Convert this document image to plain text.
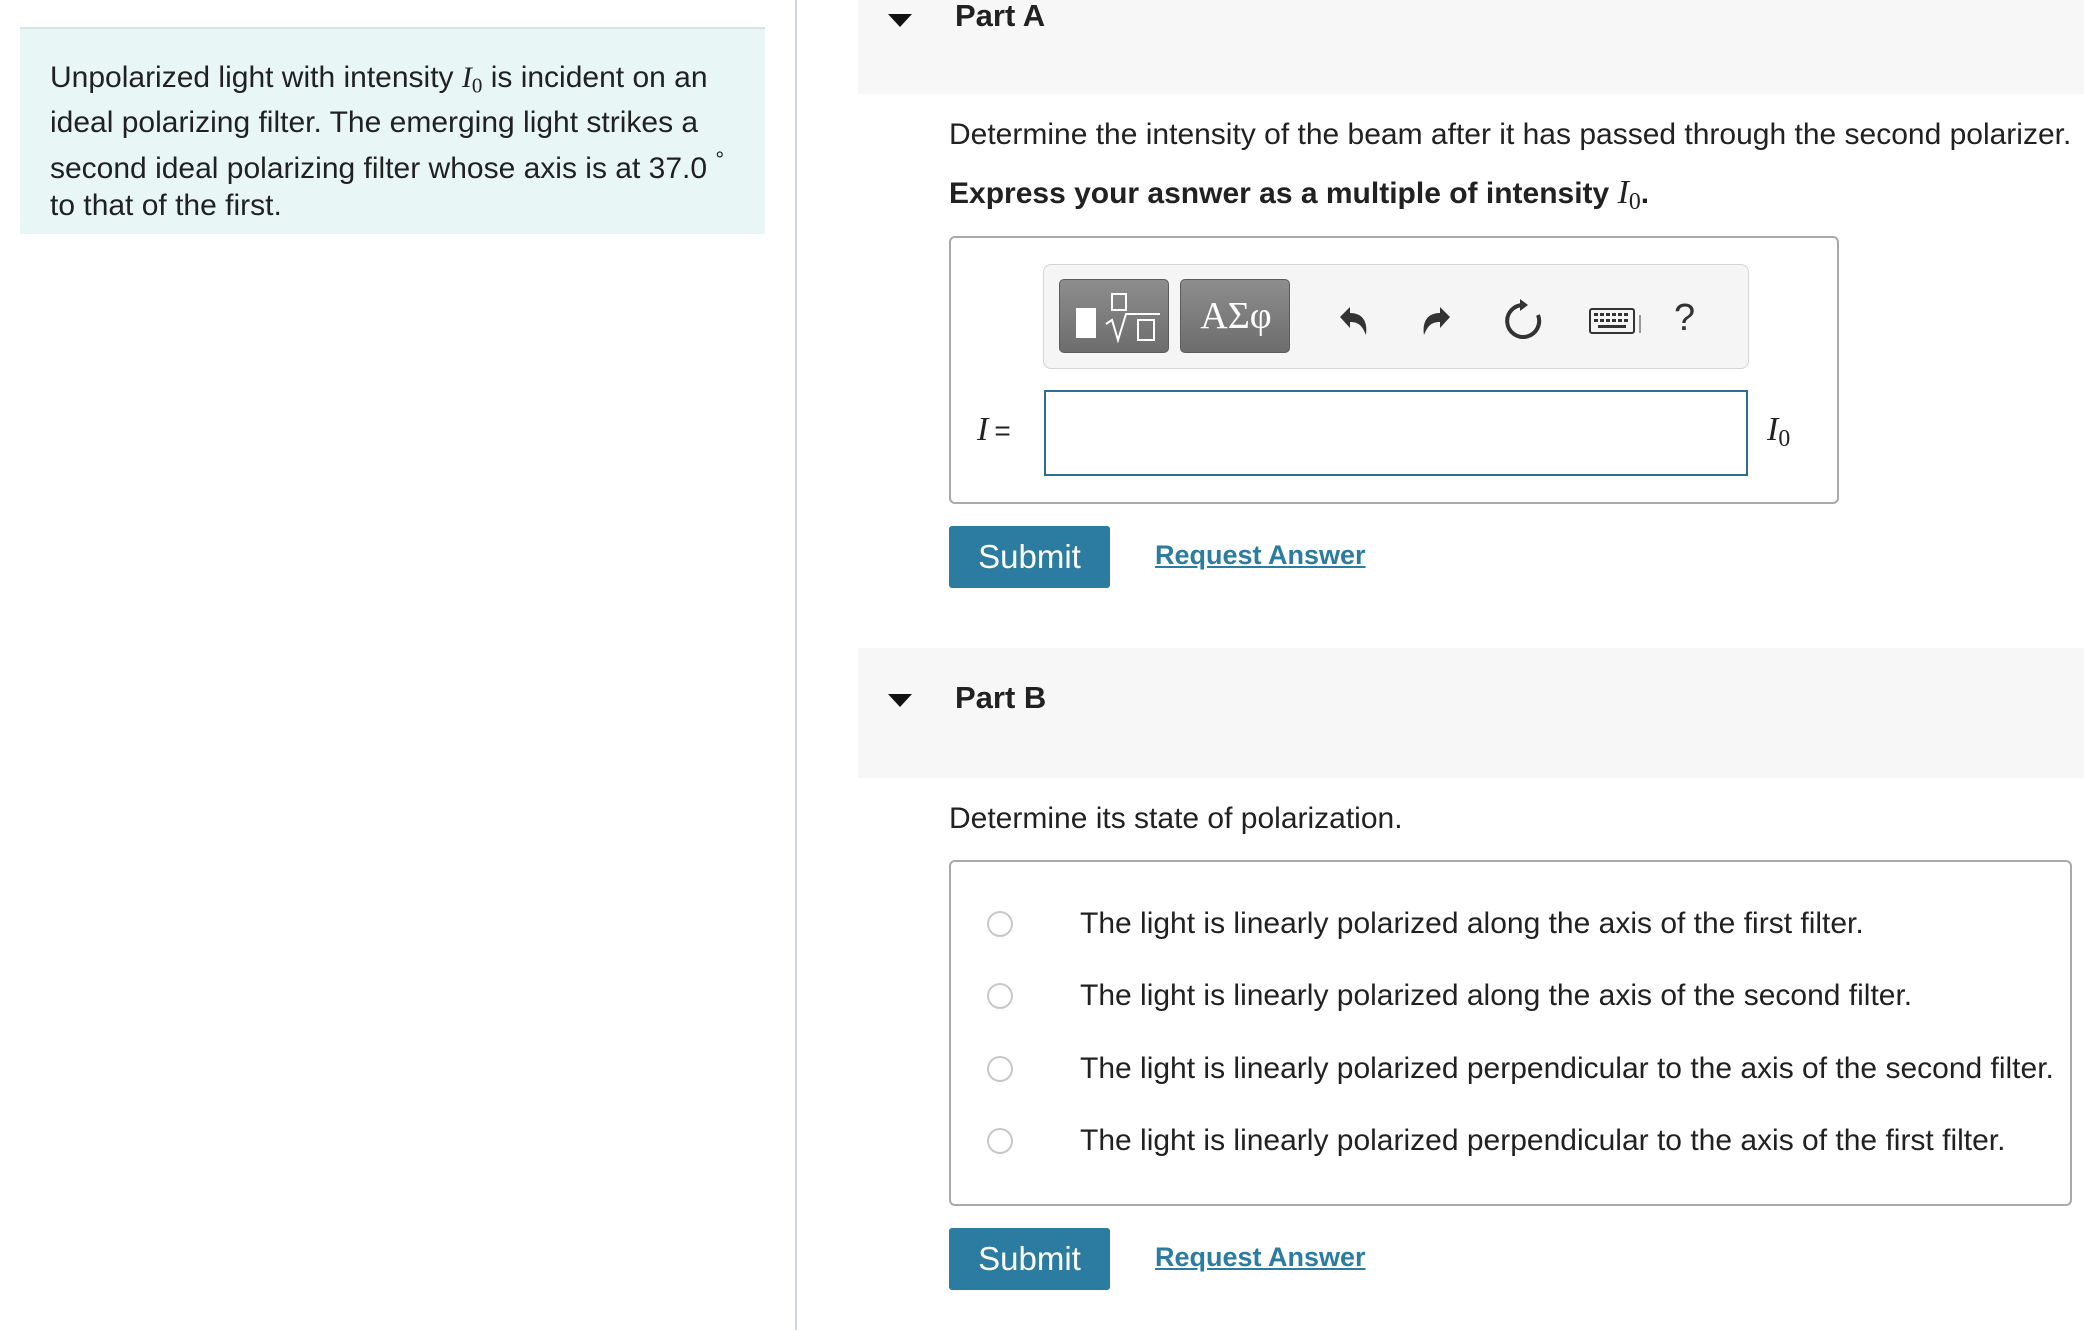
Unpolarized light with intensity $I_0$ is incident on an ideal polarizing filter. The emerging light strikes a second ideal polarizing filter whose axis is at 37.0 ° to that of the first.
Part A
Determine the intensity of the beam after it has passed through the second polarizer.
Express your asnwer as a multiple of intensity $I_0$.
ΑΣφ	?
I =	$I_0$
Submit	Request Answer
Part B
Determine its state of polarization.
The light is linearly polarized along the axis of the first filter.
The light is linearly polarized along the axis of the second filter.
The light is linearly polarized perpendicular to the axis of the second filter.
The light is linearly polarized perpendicular to the axis of the first filter.
Submit	Request Answer
